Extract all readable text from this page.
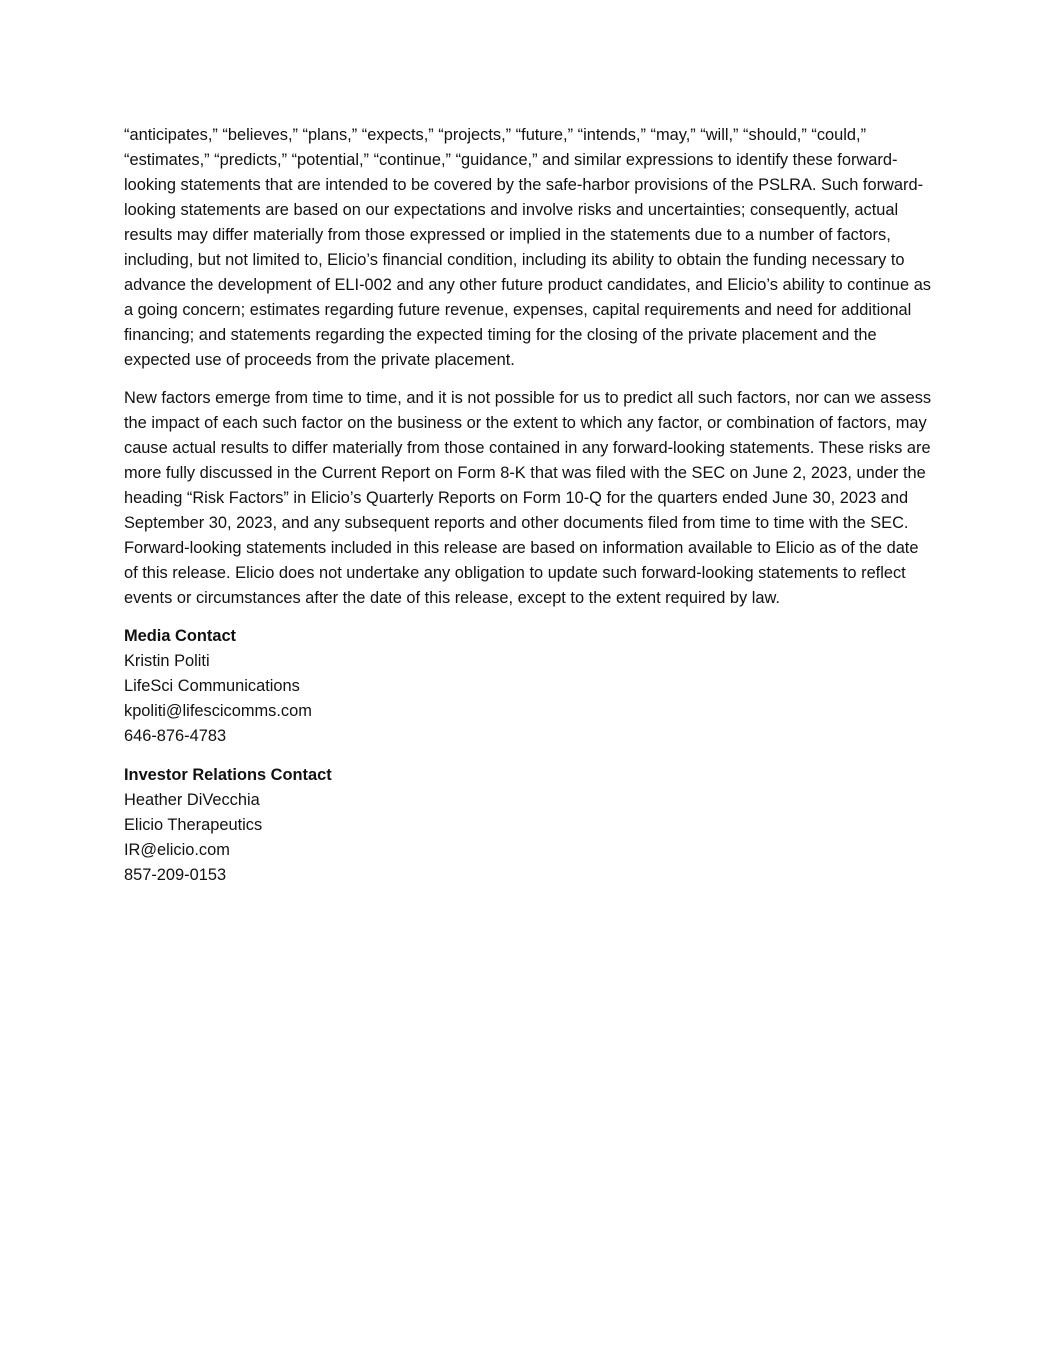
“anticipates,” “believes,” “plans,” “expects,” “projects,” “future,” “intends,” “may,” “will,” “should,” “could,” “estimates,” “predicts,” “potential,” “continue,” “guidance,” and similar expressions to identify these forward-looking statements that are intended to be covered by the safe-harbor provisions of the PSLRA. Such forward-looking statements are based on our expectations and involve risks and uncertainties; consequently, actual results may differ materially from those expressed or implied in the statements due to a number of factors, including, but not limited to, Elicio’s financial condition, including its ability to obtain the funding necessary to advance the development of ELI-002 and any other future product candidates, and Elicio’s ability to continue as a going concern; estimates regarding future revenue, expenses, capital requirements and need for additional financing; and statements regarding the expected timing for the closing of the private placement and the expected use of proceeds from the private placement.

New factors emerge from time to time, and it is not possible for us to predict all such factors, nor can we assess the impact of each such factor on the business or the extent to which any factor, or combination of factors, may cause actual results to differ materially from those contained in any forward-looking statements. These risks are more fully discussed in the Current Report on Form 8-K that was filed with the SEC on June 2, 2023, under the heading “Risk Factors” in Elicio’s Quarterly Reports on Form 10-Q for the quarters ended June 30, 2023 and September 30, 2023, and any subsequent reports and other documents filed from time to time with the SEC. Forward-looking statements included in this release are based on information available to Elicio as of the date of this release. Elicio does not undertake any obligation to update such forward-looking statements to reflect events or circumstances after the date of this release, except to the extent required by law.

Media Contact
Kristin Politi
LifeSci Communications
kpoliti@lifescicomms.com
646-876-4783
Investor Relations Contact
Heather DiVecchia
Elicio Therapeutics
IR@elicio.com
857-209-0153
